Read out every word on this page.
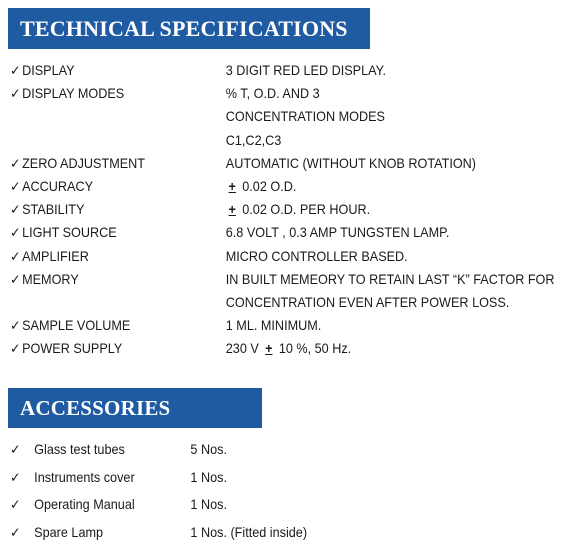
TECHNICAL SPECIFICATIONS
✓DISPLAY	3 DIGIT RED LED DISPLAY.
✓DISPLAY MODES	% T, O.D. AND 3
CONCENTRATION MODES
C1,C2,C3
✓ZERO ADJUSTMENT	AUTOMATIC (WITHOUT KNOB ROTATION)
✓ACCURACY	+ 0.02 O.D.
✓STABILITY	+ 0.02 O.D. PER HOUR.
✓LIGHT SOURCE	6.8 VOLT , 0.3 AMP TUNGSTEN LAMP.
✓AMPLIFIER	MICRO CONTROLLER BASED.
✓MEMORY	IN BUILT MEMEORY TO RETAIN LAST “K” FACTOR FOR
CONCENTRATION EVEN AFTER POWER LOSS.
✓SAMPLE VOLUME	1 ML. MINIMUM.
✓POWER SUPPLY	230 V + 10 %, 50 Hz.
ACCESSORIES
✓ Glass test tubes	5 Nos.
✓ Instruments cover	1 Nos.
✓ Operating Manual	1 Nos.
✓ Spare Lamp	1 Nos. (Fitted inside)
